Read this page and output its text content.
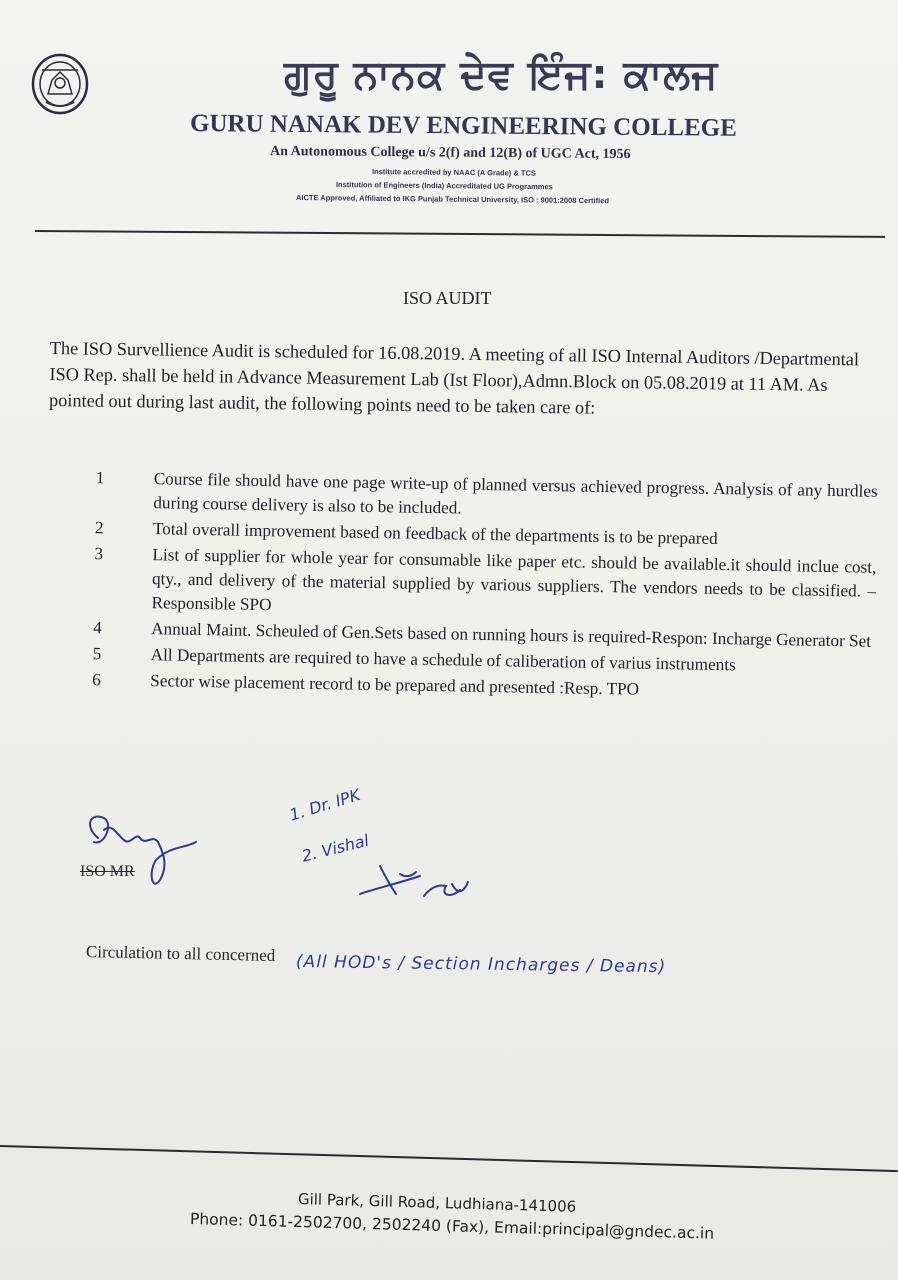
ਗੁਰੂ ਨਾਨਕ ਦੇਵ ਇੰਜ: ਕਾਲਜ
GURU NANAK DEV ENGINEERING COLLEGE
An Autonomous College u/s 2(f) and 12(B) of UGC Act, 1956
Institute accredited by NAAC (A Grade) & TCS
Institution of Engineers (India) Accreditated UG Programmes
AICTE Approved, Affiliated to IKG Punjab Technical University, ISO : 9001:2008 Certified
ISO AUDIT
The ISO Survellience Audit is scheduled for 16.08.2019. A meeting of all ISO Internal Auditors /Departmental ISO Rep. shall be held in Advance Measurement Lab (Ist Floor),Admn.Block on 05.08.2019 at 11 AM. As pointed out during last audit, the following points need to be taken care of:
1	Course file should have one page write-up of planned versus achieved progress. Analysis of any hurdles during course delivery is also to be included.
2	Total overall improvement based on feedback of the departments is to be prepared
3	List of supplier for whole year for consumable like paper etc. should be available.it should inclue cost, qty., and delivery of the material supplied by various suppliers. The vendors needs to be classified. –Responsible SPO
4	Annual Maint. Scheuled of Gen.Sets based on running hours is required-Respon: Incharge Generator Set
5	All Departments are required to have a schedule of caliberation of varius instruments
6	Sector wise placement record to be prepared and presented :Resp. TPO
ISO MR
1. Dr. IPK
2. Vishal
Circulation to all concerned (All HOD's / Section Incharges / Deans)
Gill Park, Gill Road, Ludhiana-141006
Phone: 0161-2502700, 2502240 (Fax), Email:principal@gndec.ac.in
